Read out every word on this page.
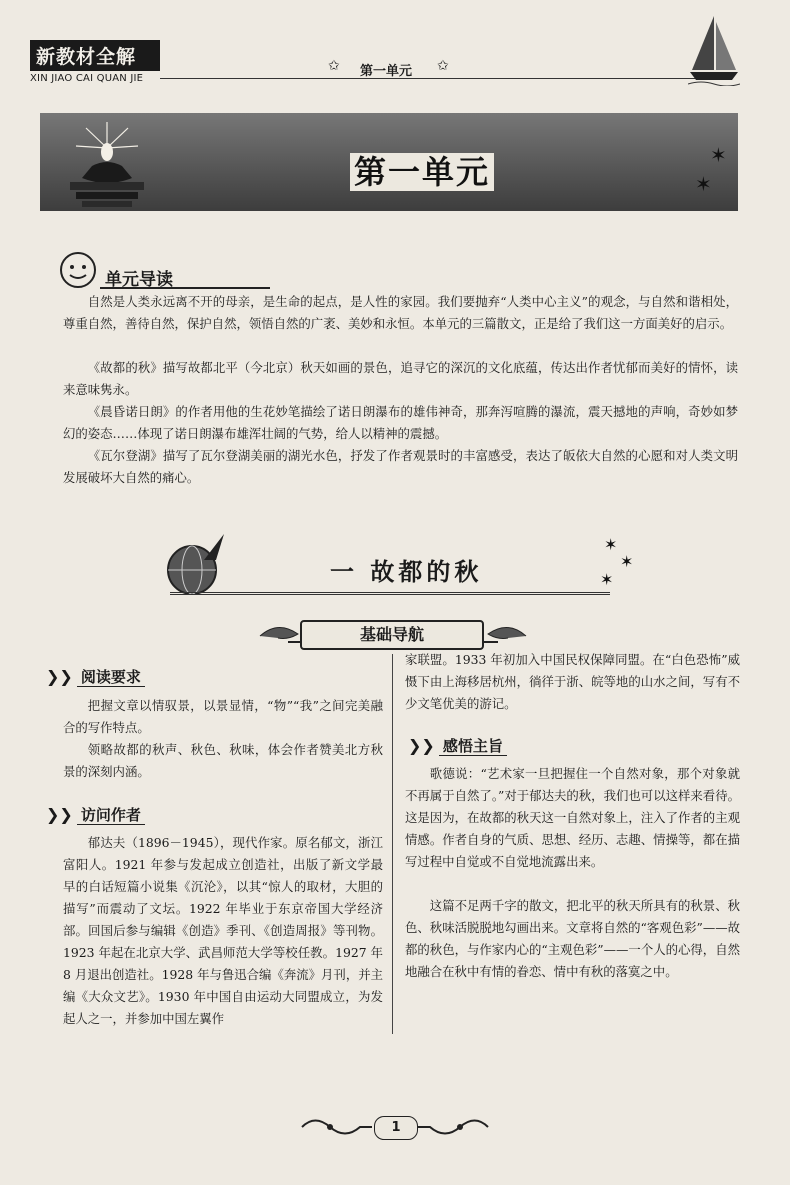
新教材全解
XIN JIAO CAI QUAN JIE
✩	✩
第一单元
第一单元	✶
✶
单元导读
自然是人类永远离不开的母亲，是生命的起点，是人性的家园。我们要抛弃“人类中心主义”的观念，与自然和谐相处，尊重自然，善待自然，保护自然，领悟自然的广袤、美妙和永恒。本单元的三篇散文，正是给了我们这一方面美好的启示。
《故都的秋》描写故都北平（今北京）秋天如画的景色，追寻它的深沉的文化底蕴，传达出作者忧郁而美好的情怀，读来意味隽永。
《晨昏诺日朗》的作者用他的生花妙笔描绘了诺日朗瀑布的雄伟神奇，那奔泻喧腾的瀑流，震天撼地的声响，奇妙如梦幻的姿态……体现了诺日朗瀑布雄浑壮阔的气势，给人以精神的震撼。
《瓦尔登湖》描写了瓦尔登湖美丽的湖光水色，抒发了作者观景时的丰富感受，表达了皈依大自然的心愿和对人类文明发展破坏大自然的痛心。
一 故都的秋
✶
✶
✶
基础导航
❯❯ 阅读要求
把握文章以情驭景，以景显情，“物”“我”之间完美融合的写作特点。
领略故都的秋声、秋色、秋味，体会作者赞美北方秋景的深刻内涵。
❯❯ 访问作者
郁达夫（1896－1945），现代作家。原名郁文，浙江富阳人。1921 年参与发起成立创造社，出版了新文学最早的白话短篇小说集《沉沦》，以其“惊人的取材，大胆的描写”而震动了文坛。1922 年毕业于东京帝国大学经济部。回国后参与编辑《创造》季刊、《创造周报》等刊物。1923 年起在北京大学、武昌师范大学等校任教。1927 年 8 月退出创造社。1928 年与鲁迅合编《奔流》月刊，并主编《大众文艺》。1930 年中国自由运动大同盟成立，为发起人之一，并参加中国左翼作
家联盟。1933 年初加入中国民权保障同盟。在“白色恐怖”威慑下由上海移居杭州，徜徉于浙、皖等地的山水之间，写有不少文笔优美的游记。
❯❯ 感悟主旨
歌德说：“艺术家一旦把握住一个自然对象，那个对象就不再属于自然了。”对于郁达夫的秋，我们也可以这样来看待。这是因为，在故都的秋天这一自然对象上，注入了作者的主观情感。作者自身的气质、思想、经历、志趣、情操等，都在描写过程中自觉或不自觉地流露出来。
这篇不足两千字的散文，把北平的秋天所具有的秋景、秋色、秋味活脱脱地勾画出来。文章将自然的“客观色彩”——故都的秋色，与作家内心的“主观色彩”——一个人的心得，自然地融合在秋中有情的眷恋、情中有秋的落寞之中。
1
